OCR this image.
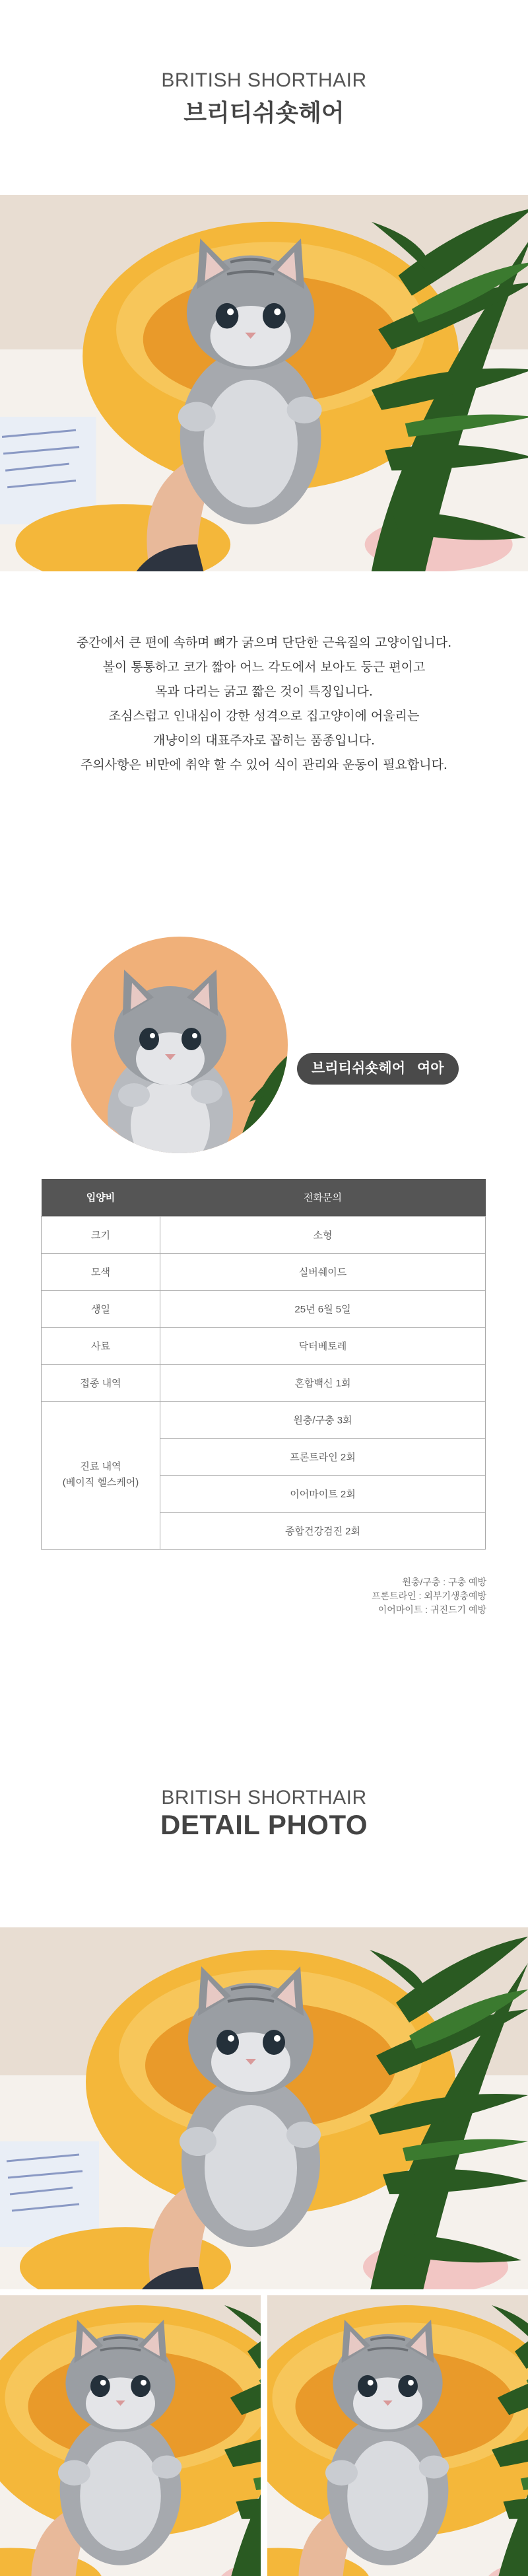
BRITISH SHORTHAIR
브리티쉬숏헤어
중간에서 큰 편에 속하며 뼈가 굵으며 단단한 근육질의 고양이입니다.
볼이 통통하고 코가 짧아 어느 각도에서 보아도 둥근 편이고
목과 다리는 굵고 짧은 것이 특징입니다.
조심스럽고 인내심이 강한 성격으로 집고양이에 어울리는
개냥이의 대표주자로 꼽히는 품종입니다.
주의사항은 비만에 취약 할 수 있어 식이 관리와 운동이 필요합니다.
브리티쉬숏헤어 여아
입양비	전화문의
크기	소형
모색	실버쉐이드
생일	25년 6월 5일
사료	닥터베토레
접종 내역	혼합백신 1회

진료 내역
(베이직 헬스케어)	원충/구충 3회
	프론트라인 2회
	이어마이트 2회
	종합건강검진 2회
원충/구충 : 구충 예방
프론트라인 : 외부기생충예방
이어마이트 : 귀진드기 예방
BRITISH SHORTHAIR
DETAIL PHOTO
